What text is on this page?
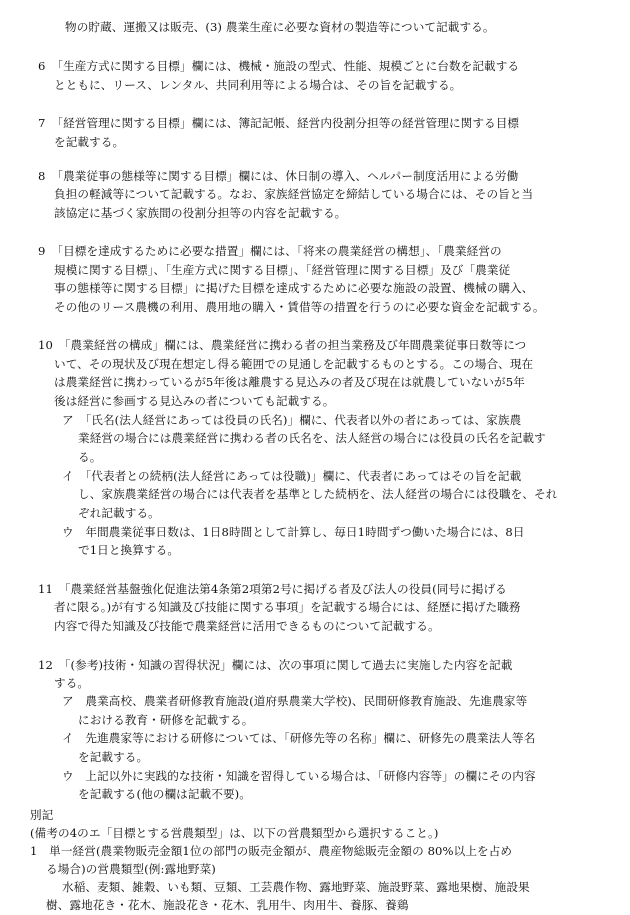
物の貯蔵、運搬又は販売、(3) 農業生産に必要な資材の製造等について記載する。
6　「生産方式に関する目標」欄には、機械・施設の型式、性能、規模ごとに台数を記載する
とともに、リース、レンタル、共同利用等による場合は、その旨を記載する。
7　「経営管理に関する目標」欄には、簿記記帳、経営内役割分担等の経営管理に関する目標
を記載する。
8　「農業従事の態様等に関する目標」欄には、休日制の導入、ヘルパー制度活用による労働
負担の軽減等について記載する。なお、家族経営協定を締結している場合には、その旨と当
該協定に基づく家族間の役割分担等の内容を記載する。
9　「目標を達成するために必要な措置」欄には、「将来の農業経営の構想」、「農業経営の
規模に関する目標」、「生産方式に関する目標」、「経営管理に関する目標」及び「農業従
事の態様等に関する目標」に掲げた目標を達成するために必要な施設の設置、機械の購入、
その他のリース農機の利用、農用地の購入・賃借等の措置を行うのに必要な資金を記載する。
10　「農業経営の構成」欄には、農業経営に携わる者の担当業務及び年間農業従事日数等につ
いて、その現状及び現在想定し得る範囲での見通しを記載するものとする。この場合、現在
は農業経営に携わっているが5年後は離農する見込みの者及び現在は就農していないが5年
後は経営に参画する見込みの者についても記載する。
ア　「氏名(法人経営にあっては役員の氏名)」欄に、代表者以外の者にあっては、家族農
業経営の場合には農業経営に携わる者の氏名を、法人経営の場合には役員の氏名を記載す
る。
イ　「代表者との続柄(法人経営にあっては役職)」欄に、代表者にあってはその旨を記載
し、家族農業経営の場合には代表者を基準とした続柄を、法人経営の場合には役職を、それ
ぞれ記載する。
ウ　年間農業従事日数は、1日8時間として計算し、毎日1時間ずつ働いた場合には、8日
で1日と換算する。
11　「農業経営基盤強化促進法第4条第2項第2号に掲げる者及び法人の役員(同号に掲げる
者に限る。)が有する知識及び技能に関する事項」を記載する場合には、経歴に掲げた職務
内容で得た知識及び技能で農業経営に活用できるものについて記載する。
12　「(参考)技術・知識の習得状況」欄には、次の事項に関して過去に実施した内容を記載
する。
ア　農業高校、農業者研修教育施設(道府県農業大学校)、民間研修教育施設、先進農家等
における教育・研修を記載する。
イ　先進農家等における研修については、「研修先等の名称」欄に、研修先の農業法人等名
を記載する。
ウ　上記以外に実践的な技術・知識を習得している場合は、「研修内容等」の欄にその内容
を記載する(他の欄は記載不要)。
別記
(備考の4のエ「目標とする営農類型」は、以下の営農類型から選択すること。)
1　単一経営(農業物販売金額1位の部門の販売金額が、農産物総販売金額の 80%以上を占め
る場合)の営農類型(例:露地野菜)
水稲、麦類、雑穀、いも類、豆類、工芸農作物、露地野菜、施設野菜、露地果樹、施設果
樹、露地花き・花木、施設花き・花木、乳用牛、肉用牛、養豚、養鶏
